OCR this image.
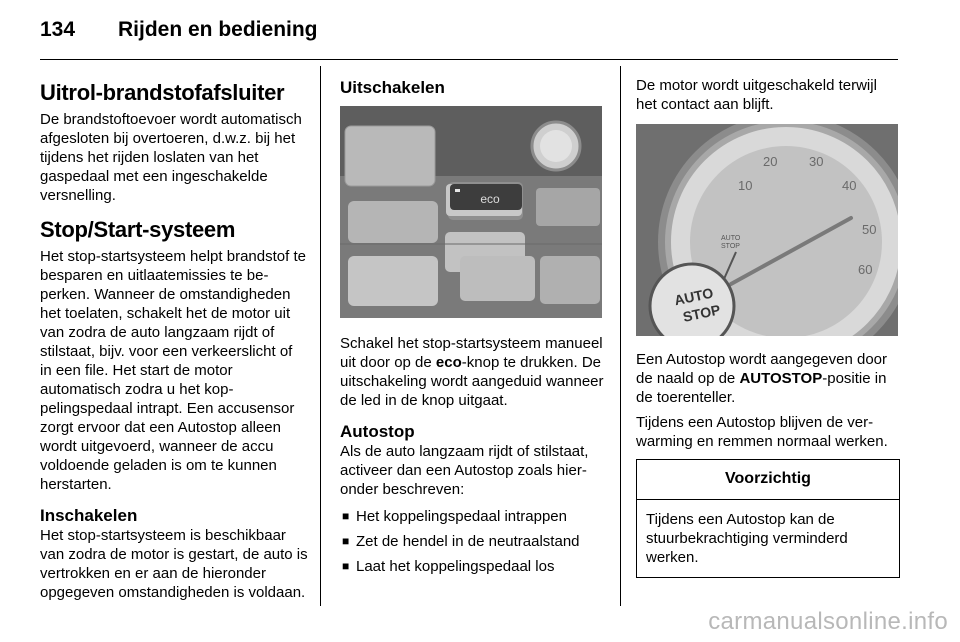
134 Rijden en bediening
Uitrol-brandstofafsluiter

De brandstoftoevoer wordt automatisch afgesloten bij overtoeren, d.w.z. bij het tijdens het rijden loslaten van het gaspedaal met een ingeschakelde versnelling.

Stop/Start-systeem

Het stop-startsysteem helpt brandstof te besparen en uitlaatemissies te beperken. Wanneer de omstandigheden het toelaten, schakelt het de motor uit van zodra de auto langzaam rijdt of stilstaat, bijv. voor een verkeerslicht of in een file. Het start de motor automatisch zodra u het koppelingspedaal intrapt. Een accusensor zorgt ervoor dat een Autostop alleen wordt uitgevoerd, wanneer de accu voldoende geladen is om te kunnen herstarten.

Inschakelen

Het stop-startsysteem is beschikbaar van zodra de motor is gestart, de auto is vertrokken en er aan de hieronder opgegeven omstandigheden is voldaan.

Uitschakelen
eco

Schakel het stop-startsysteem manueel uit door op de eco-knop te drukken. De uitschakeling wordt aangeduid wanneer de led in de knop uitgaat.

Autostop

Als de auto langzaam rijdt of stilstaat, activeer dan een Autostop zoals hieronder beschreven:

■ Het koppelingspedaal intrappen
■ Zet de hendel in de neutraalstand
■ Laat het koppelingspedaal los

De motor wordt uitgeschakeld terwijl het contact aan blijft.

10
20 30
40
50
60
AUTO
STOP
AUTO
STOP

Een Autostop wordt aangegeven door de naald op de AUTOSTOP-positie in de toerenteller.

Tijdens een Autostop blijven de verwarming en remmen normaal werken.

Voorzichtig
Tijdens een Autostop kan de stuurbekrachtiging verminderd werken.
carmanualsonline.info
